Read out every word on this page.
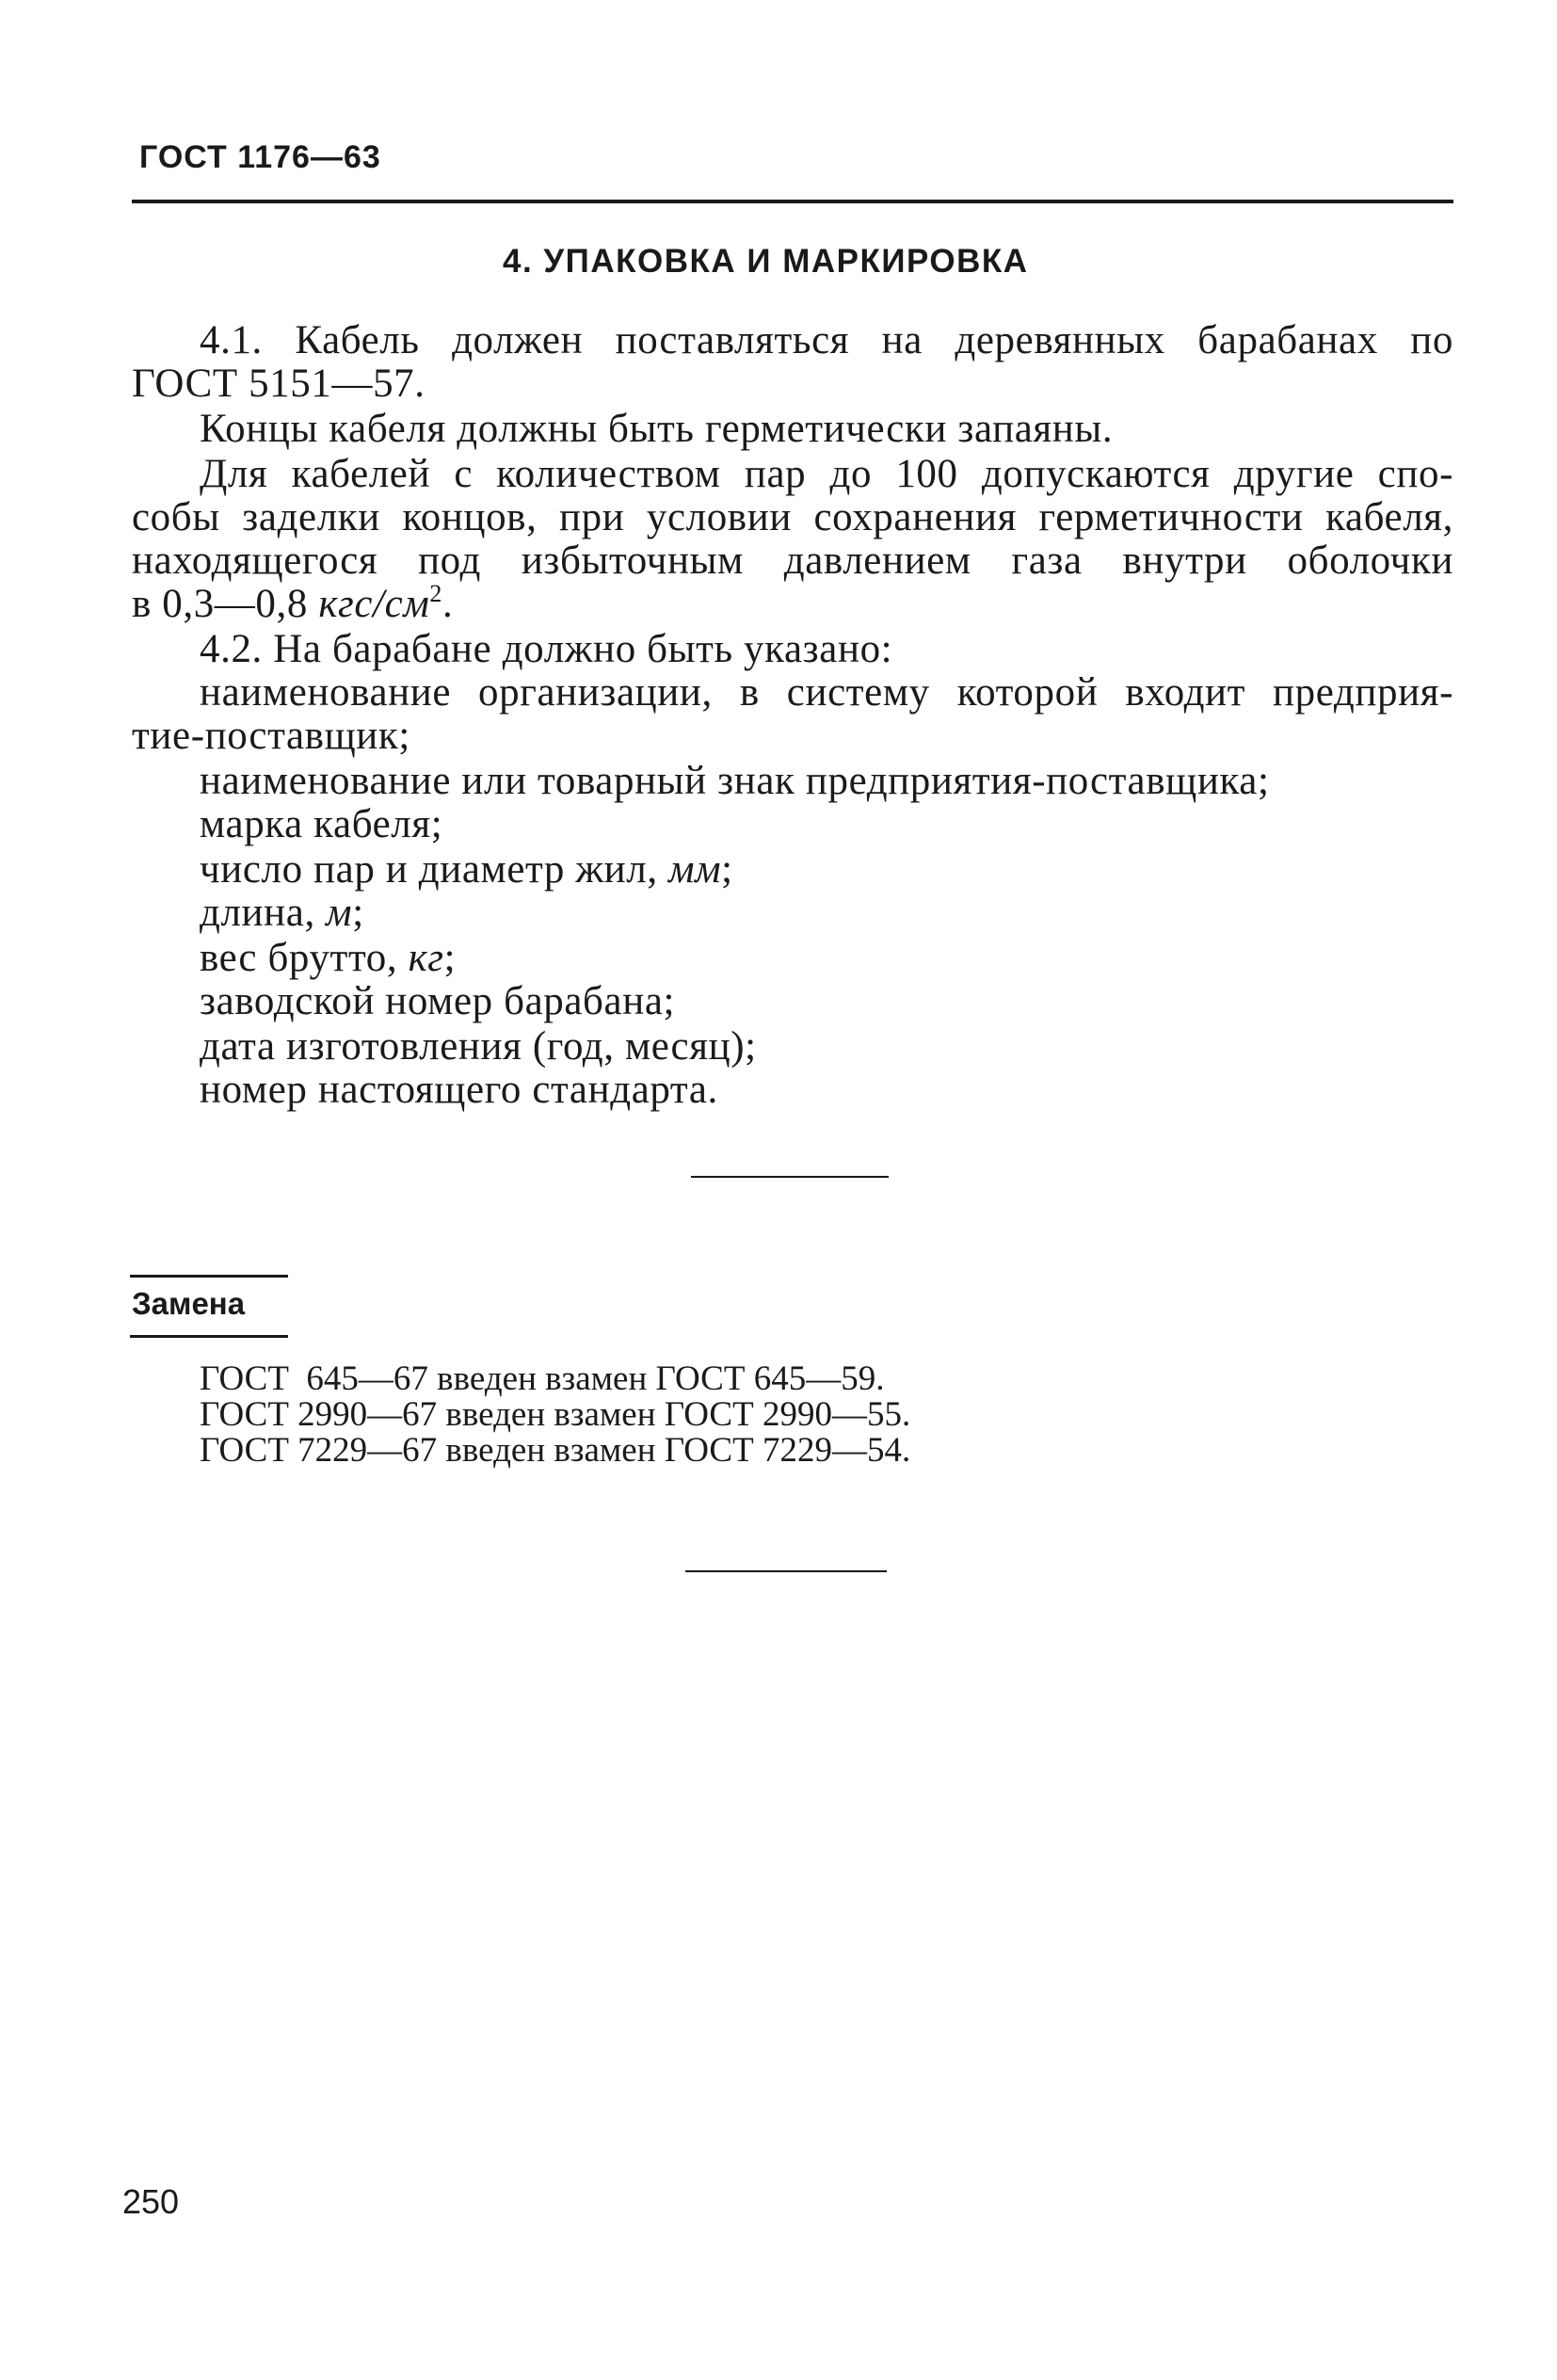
ГОСТ 1176—63
4. УПАКОВКА И МАРКИРОВКА
4.1. Кабель должен поставляться на деревянных барабанах по
ГОСТ 5151—57.
Концы кабеля должны быть герметически запаяны.
Для кабелей с количеством пар до 100 допускаются другие спо-
собы заделки концов, при условии сохранения герметичности кабеля,
находящегося под избыточным давлением газа внутри оболочки
в 0,3—0,8 кгс/$см^2$.
4.2. На барабане должно быть указано:
наименование организации, в систему которой входит предприя-
тие-поставщик;
наименование или товарный знак предприятия-поставщика;
марка кабеля;
число пар и диаметр жил, мм;
длина, м;
вес брутто, кг;
заводской номер барабана;
дата изготовления (год, месяц);
номер настоящего стандарта.
Замена
ГОСТ  645—67 введен взамен ГОСТ 645—59.
ГОСТ 2990—67 введен взамен ГОСТ 2990—55.
ГОСТ 7229—67 введен взамен ГОСТ 7229—54.
250
